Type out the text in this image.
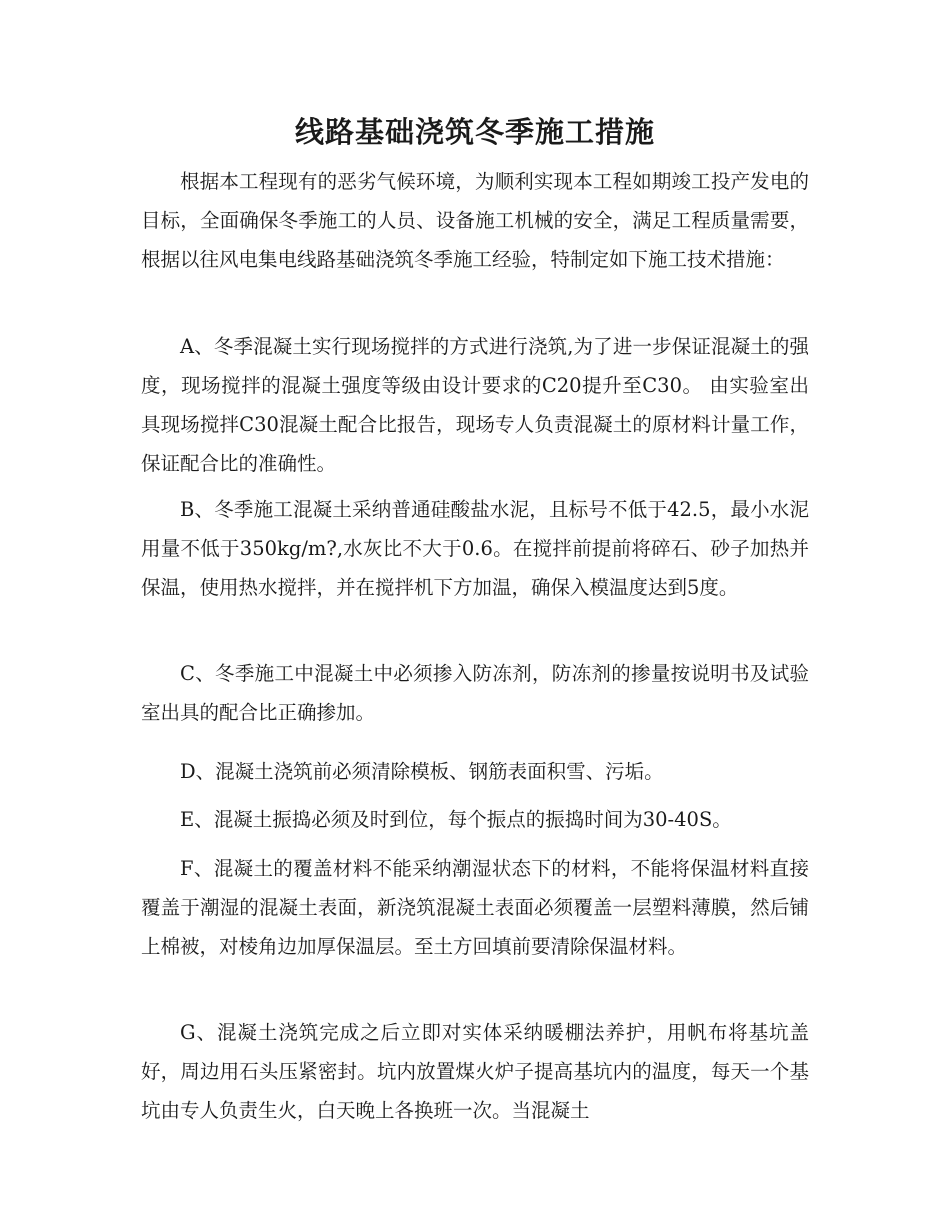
线路基础浇筑冬季施工措施

根据本工程现有的恶劣气候环境，为顺利实现本工程如期竣工投产发电的目标，全面确保冬季施工的人员、设备施工机械的安全，满足工程质量需要，根据以往风电集电线路基础浇筑冬季施工经验，特制定如下施工技术措施：

A、冬季混凝土实行现场搅拌的方式进行浇筑,为了进一步保证混凝土的强度，现场搅拌的混凝土强度等级由设计要求的C20提升至C30。 由实验室出具现场搅拌C30混凝土配合比报告，现场专人负责混凝土的原材料计量工作，保证配合比的准确性。

B、冬季施工混凝土采纳普通硅酸盐水泥，且标号不低于42.5，最小水泥用量不低于350kg/m?,水灰比不大于0.6。在搅拌前提前将碎石、砂子加热并保温，使用热水搅拌，并在搅拌机下方加温，确保入模温度达到5度。

C、冬季施工中混凝土中必须掺入防冻剂，防冻剂的掺量按说明书及试验室出具的配合比正确掺加。

D、混凝土浇筑前必须清除模板、钢筋表面积雪、污垢。

E、混凝土振捣必须及时到位，每个振点的振捣时间为30-40S。

F、混凝土的覆盖材料不能采纳潮湿状态下的材料，不能将保温材料直接覆盖于潮湿的混凝土表面，新浇筑混凝土表面必须覆盖一层塑料薄膜，然后铺上棉被，对棱角边加厚保温层。至土方回填前要清除保温材料。

G、混凝土浇筑完成之后立即对实体采纳暖棚法养护，用帆布将基坑盖好，周边用石头压紧密封。坑内放置煤火炉子提高基坑内的温度，每天一个基坑由专人负责生火，白天晚上各换班一次。当混凝土
